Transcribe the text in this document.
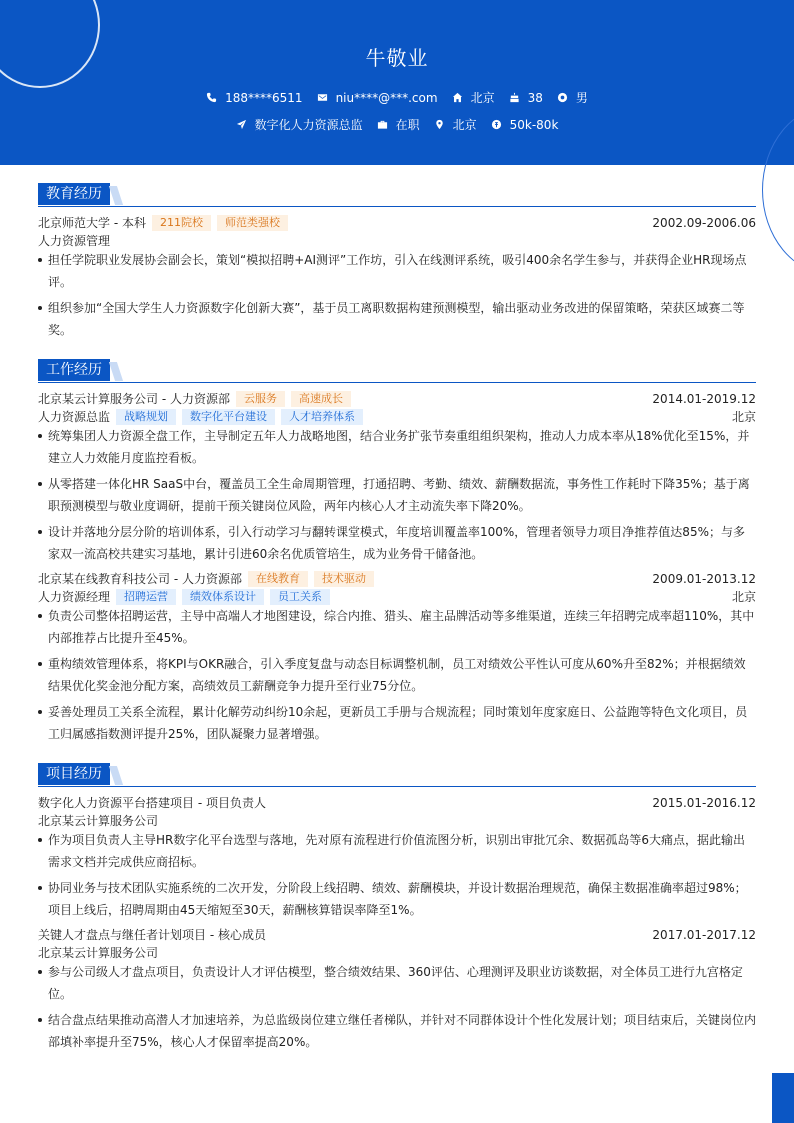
牛敬业
188****6511	niu****@***.com	北京	38	男
数字化人力资源总监	在职	北京	50k-80k
教育经历
北京师范大学 - 本科	211院校	师范类强校	2002.09-2006.06
人力资源管理
担任学院职业发展协会副会长，策划“模拟招聘+AI测评”工作坊，引入在线测评系统，吸引400余名学生参与，并获得企业HR现场点评。
组织参加“全国大学生人力资源数字化创新大赛”，基于员工离职数据构建预测模型，输出驱动业务改进的保留策略，荣获区域赛二等奖。
工作经历
北京某云计算服务公司 - 人力资源部	云服务	高速成长	2014.01-2019.12
人力资源总监	战略规划	数字化平台建设	人才培养体系	北京
统筹集团人力资源全盘工作，主导制定五年人力战略地图，结合业务扩张节奏重组组织架构，推动人力成本率从18%优化至15%，并建立人力效能月度监控看板。
从零搭建一体化HR SaaS中台，覆盖员工全生命周期管理，打通招聘、考勤、绩效、薪酬数据流，事务性工作耗时下降35%；基于离职预测模型与敬业度调研，提前干预关键岗位风险，两年内核心人才主动流失率下降20%。
设计并落地分层分阶的培训体系，引入行动学习与翻转课堂模式，年度培训覆盖率100%，管理者领导力项目净推荐值达85%；与多家双一流高校共建实习基地，累计引进60余名优质管培生，成为业务骨干储备池。
北京某在线教育科技公司 - 人力资源部	在线教育	技术驱动	2009.01-2013.12
人力资源经理	招聘运营	绩效体系设计	员工关系	北京
负责公司整体招聘运营，主导中高端人才地图建设，综合内推、猎头、雇主品牌活动等多维渠道，连续三年招聘完成率超110%，其中内部推荐占比提升至45%。
重构绩效管理体系，将KPI与OKR融合，引入季度复盘与动态目标调整机制，员工对绩效公平性认可度从60%升至82%；并根据绩效结果优化奖金池分配方案，高绩效员工薪酬竞争力提升至行业75分位。
妥善处理员工关系全流程，累计化解劳动纠纷10余起，更新员工手册与合规流程；同时策划年度家庭日、公益跑等特色文化项目，员工归属感指数测评提升25%，团队凝聚力显著增强。
项目经历
数字化人力资源平台搭建项目 - 项目负责人	2015.01-2016.12
北京某云计算服务公司
作为项目负责人主导HR数字化平台选型与落地，先对原有流程进行价值流图分析，识别出审批冗余、数据孤岛等6大痛点，据此输出需求文档并完成供应商招标。
协同业务与技术团队实施系统的二次开发，分阶段上线招聘、绩效、薪酬模块，并设计数据治理规范，确保主数据准确率超过98%；项目上线后，招聘周期由45天缩短至30天，薪酬核算错误率降至1%。
关键人才盘点与继任者计划项目 - 核心成员	2017.01-2017.12
北京某云计算服务公司
参与公司级人才盘点项目，负责设计人才评估模型，整合绩效结果、360评估、心理测评及职业访谈数据，对全体员工进行九宫格定位。
结合盘点结果推动高潜人才加速培养，为总监级岗位建立继任者梯队，并针对不同群体设计个性化发展计划；项目结束后，关键岗位内部填补率提升至75%，核心人才保留率提高20%。
